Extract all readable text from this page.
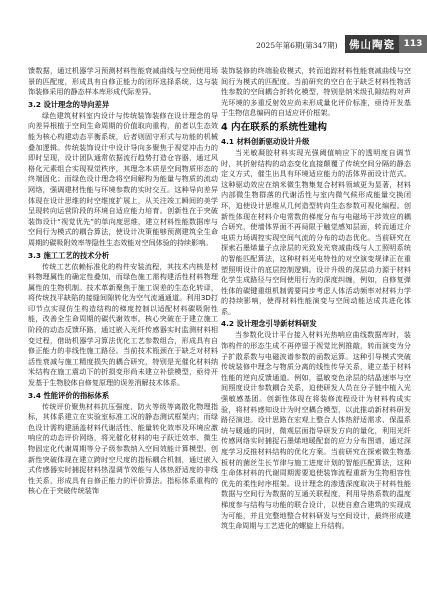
2025年第6期(第347期)	佛山陶瓷 113

馈数据，通过机器学习预测材料性能衰减曲线与空间使用场景的匹配度，形成具有自修正能力的闭环选择系统，这与装饰装修采用的静态样本库形成代际差异。

3.2 设计理念的导向差异

绿色建筑材料室内设计与传统装饰装修在设计理念的导向差异根植于空间生命周期的价值取向重构，前者以生态效能为核心构建动态平衡系统，后者则固守形式与功能的机械叠加逻辑。传统装饰设计中设计导向多聚焦于视觉冲击力的即时呈现，设计团队通常依据流行趋势打造仓容器，通过风格化元素组合实现视觉秩序，其理念本质是空间物质形态的终端固化；而绿色设计理念将空间解构为能量与物质的流动网络，强调建材性能与环境参数的实时交互。这种导向差异体现在设计思维的时空维度扩展上，从关注竣工瞬间的美学呈现转向运营阶段的环境自适应能力培育。创新性在于突破装饰设计“视觉优先”的单向度思维，建立材料性能数据库与空间行为模式的耦合算法，使设计决策能够预测建筑全生命周期的碳吸附效率等隐性生态效能对空间体验的持续影响。

3.3 施工工艺的技术分析

传统工艺依赖标准化的构件安装流程，其技术内核是材料物理属性的确定性叠加，而绿色施工需构建活性材料物理属性的生物机制。技术革新聚焦于施工误差的生态化转译，将传统找平缺陷的接缝间隙转化为空气流通通道。利用3D打印节点实现仿生构造结构的梯度控制以适配材料碳吸附性能，改善全生命周期的碳代谢效率。核心突破在于建立施工阶段的动态反馈环路，通过嵌入光纤传感器实时监测材料相变过程，借助机器学习算法优化工艺参数组合，形成具有自修正能力的非线性施工路径。当前技术瓶颈在于缺乏对材料活性衰减与施工精度损失的耦合研究，特别是光催化材料纳米结构在施工震动下的折损变形尚未建立补偿模型，亟待开发基于生物胶体自修复原理的误差消解技术体系。

3.4 性能评价的指标体系

传统评价聚焦材料抗压强度、防火等级等离散化物理指标，其体系建立在实验室标准工况的静态测试框架内；而绿色设计需构建涵盖材料代谢活性、能量转化效率及环境应激响应的动态评价网络，将光催化材料的电子跃迁效率、微生物固定化代谢周期等分子级参数纳入空间效能计算模型。创新性突破体现在建立跨时空尺度的指标耦合机制，通过嵌入式传感器实时捕捉材料热湿调节效能与人体热舒适度的非线性关系，形成具有自修正能力的评价算法。指标体系重构的核心在于突破传统装饰

装饰装修的终端验收模式，转而追踪材料性能衰减曲线与空间行为模式的匹配度。当前研究的空白在于缺乏材料性物活性参数的空间耦合折转化模型，特别是纳米级孔隙结构对声光环境的多重反射效应尚未形成量化评价标准，亟待开发基于生物信息编码的自适应评价框架。

4 内在联系的系统性建构
4.1 材料创新驱动设计升级

当光敏凝胶材料实现光强阈值响应下的透明度自调节时，其折射结构的动态变化直接颠覆了传统空间分隔的静态定义方式，催生出具有环境适应能力的活体界面设计范式。这种驱动效应在纳米微生物集复合材料领域更为显著，材料内部微生物群落的代谢活性与室内微气候形成能量交换闭环，迫使设计思维从几何造型转向生态参数可视化编程。创新性体现在材料介电常数的梯度分布与电磁场干涉效应的耦合研究，使墙体界面不再局限于触觉感知层面，转而通过介电质力场调控实现空间气流的分布的动态优化。当前研究在探索石墨烯量子点涂层的光致发光衰减曲线与人工照明系统的智能匹配算法，这种材料光电特性的对空演变规律正在重塑照明设计的底层控制逻辑。设计升级的深层动力源于材料化学生成路径与空间使用行为的深度纠缠，例如，自修复弹性体的碳键重组机制需要同步考虑人体活动频率对材料力学的持续影响，使得材料性能演变与空间动能达成共进化体系。

4.2 设计理念引导新材料研发

当参数化设计平台接入材料光热响应曲线数据库时，装饰构件的形态生成不再停留于视觉比例推敲，转而演变为分子扩散系数与电磁波谱参数的函数运算。这种引导模式突破传统装修中理念与物质分离的线性传导关系，建立基于材料性能的逆向反馈通道。例如，温敏变色涂层的结晶速率与空间照度设计参数耦合关系，迫使研发人员在分子链中植入光强敏感基团。创新性体现在将装修流程设计为材料构成实验，将材料感知设计为时空耦合模型，以此推动新材料研发路径演进。设计思路在宏观上整合人体热舒适需求、保温系统与暖通的同时，微观层面指导研发方向的量化，利用光纤传感网络实时捕捉石墨烯地暖配套的应力分布图谱，通过深度学习反推材料结构的优化方案。当前研究在探索微生物基板材的菌丝生长节律与施工进度计划的智能匹配算法，这种生命体材料的代谢周期需要追使装饰流程重新为生物相容性优先的柔性时序框架。设计理念的渗透深度取决于材料性能数据与空间行为数据的互通关联程度，利用导热系数的温度梯度参与结构与功能的联合设计，以使自愈合建筑的实现成为可能，并且完整地整合材料研发与空间设计，最终形成建筑生命周期与工艺进化的螺旋上升结构。
